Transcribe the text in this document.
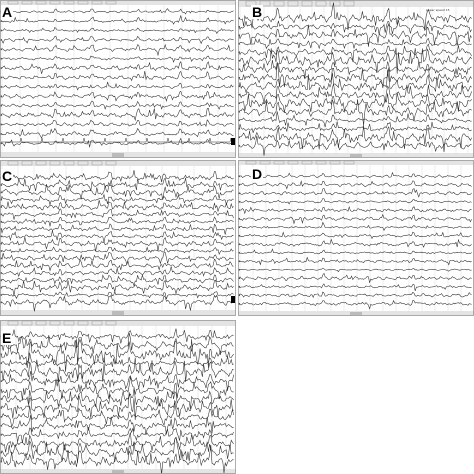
A	B	paper speed 15
C	D
E
